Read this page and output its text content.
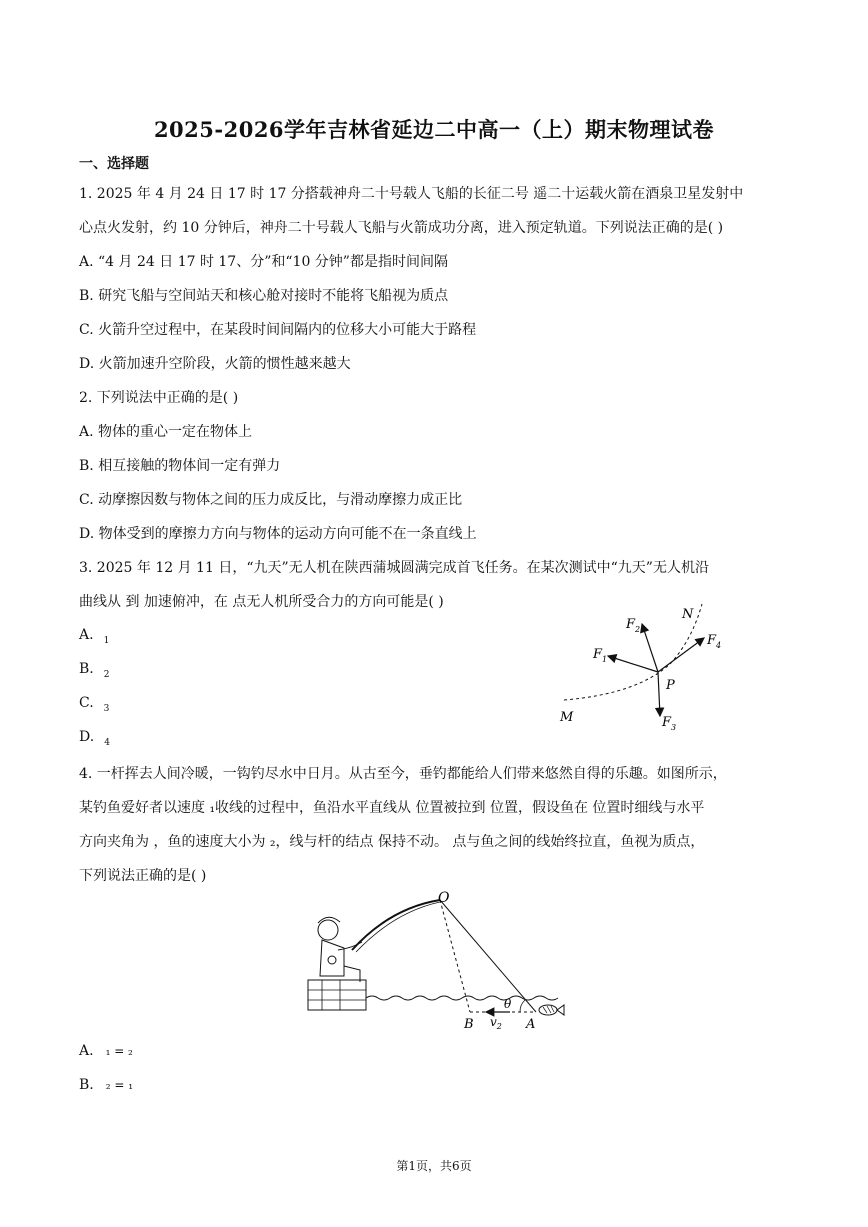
2025-2026学年吉林省延边二中高一（上）期末物理试卷
一、选择题
1. 2025 年 4 月 24 日 17 时 17 分搭载神舟二十号载人飞船的长征二号 遥二十运载火箭在酒泉卫星发射中
心点火发射，约 10 分钟后，神舟二十号载人飞船与火箭成功分离，进入预定轨道。下列说法正确的是( )
A. “4 月 24 日 17 时 17、分”和“10 分钟”都是指时间间隔
B. 研究飞船与空间站天和核心舱对接时不能将飞船视为质点
C. 火箭升空过程中，在某段时间间隔内的位移大小可能大于路程
D. 火箭加速升空阶段，火箭的惯性越来越大
2. 下列说法中正确的是( )
A. 物体的重心一定在物体上
B. 相互接触的物体间一定有弹力
C. 动摩擦因数与物体之间的压力成反比，与滑动摩擦力成正比
D. 物体受到的摩擦力方向与物体的运动方向可能不在一条直线上
3. 2025 年 12 月 11 日，“九天”无人机在陕西蒲城圆满完成首飞任务。在某次测试中“九天”无人机沿
曲线从 到 加速俯冲，在 点无人机所受合力的方向可能是( )
A. $_1$
B. $_2$
C. $_3$
D. $_4$
$F_1$
$F_2$
$F_3$
$F_4$
N
P
M
4. 一杆挥去人间冷暖，一钩钓尽水中日月。从古至今，垂钓都能给人们带来悠然自得的乐趣。如图所示，
某钓鱼爱好者以速度 ₁收线的过程中，鱼沿水平直线从 位置被拉到 位置，假设鱼在 位置时细线与水平
方向夹角为 ，鱼的速度大小为 ₂，线与杆的结点 保持不动。 点与鱼之间的线始终拉直，鱼视为质点，
下列说法正确的是( )
O
B	A
θ
$v_2$
A. ₁ = ₂
B. ₂ = ₁
第1页，共6页
